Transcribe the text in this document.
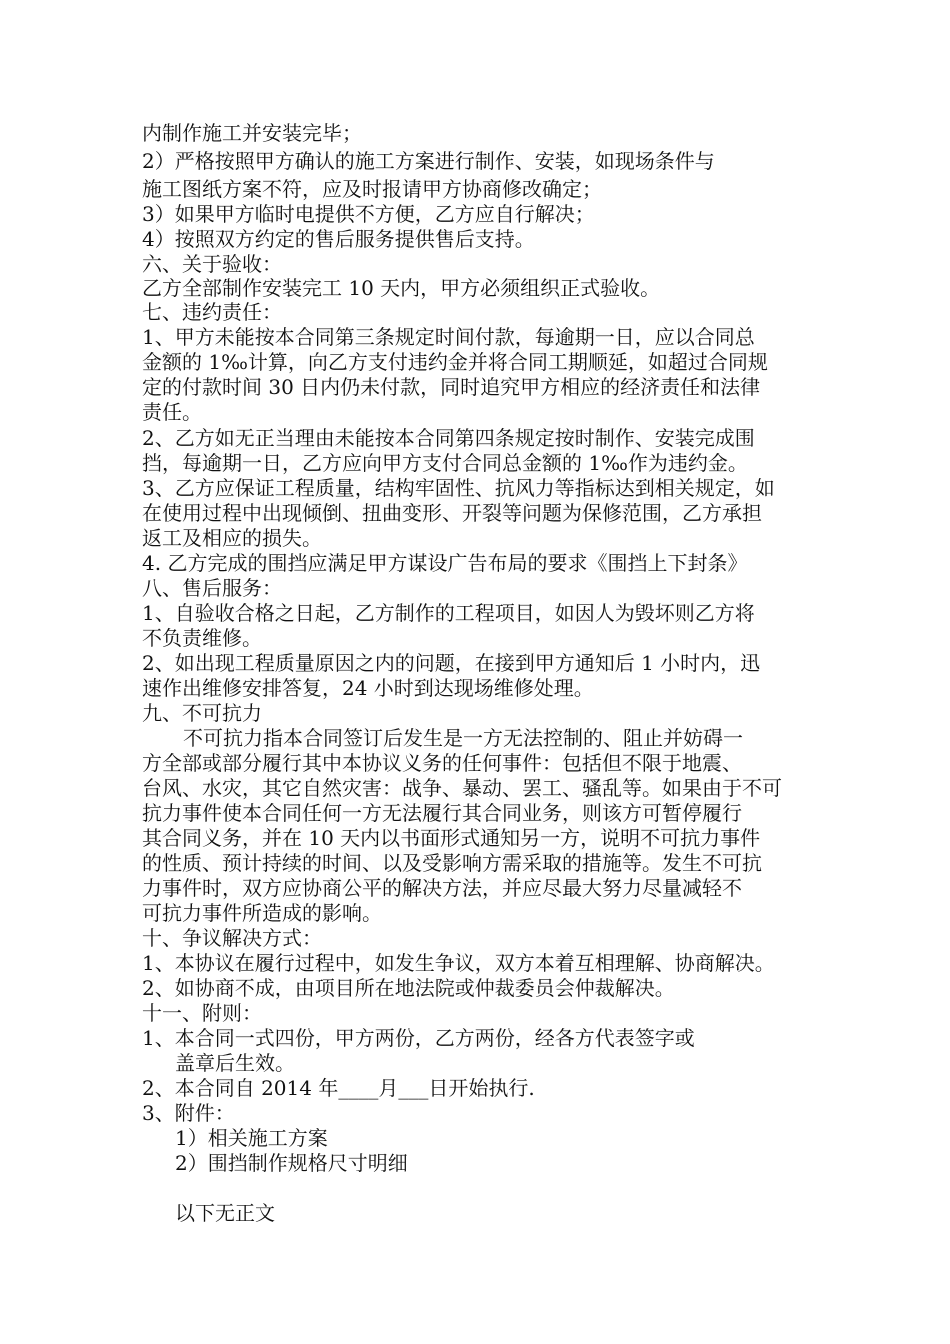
内制作施工并安装完毕；
2）严格按照甲方确认的施工方案进行制作、安装，如现场条件与
施工图纸方案不符，应及时报请甲方协商修改确定；
3）如果甲方临时电提供不方便，乙方应自行解决；
4）按照双方约定的售后服务提供售后支持。
六、关于验收：
乙方全部制作安装完工 10 天内，甲方必须组织正式验收。
七、违约责任：
1、甲方未能按本合同第三条规定时间付款，每逾期一日，应以合同总
金额的 1‰计算，向乙方支付违约金并将合同工期顺延，如超过合同规
定的付款时间 30 日内仍未付款，同时追究甲方相应的经济责任和法律
责任。
2、乙方如无正当理由未能按本合同第四条规定按时制作、安装完成围
挡，每逾期一日，乙方应向甲方支付合同总金额的 1‰作为违约金。
3、乙方应保证工程质量，结构牢固性、抗风力等指标达到相关规定，如
在使用过程中出现倾倒、扭曲变形、开裂等问题为保修范围，乙方承担
返工及相应的损失。
4. 乙方完成的围挡应满足甲方谋设广告布局的要求《围挡上下封条》
八、售后服务：
1、自验收合格之日起，乙方制作的工程项目，如因人为毁坏则乙方将
不负责维修。
2、如出现工程质量原因之内的问题，在接到甲方通知后 1 小时内，迅
速作出维修安排答复，24 小时到达现场维修处理。
九、不可抗力
不可抗力指本合同签订后发生是一方无法控制的、阻止并妨碍一
方全部或部分履行其中本协议义务的任何事件：包括但不限于地震、
台风、水灾，其它自然灾害：战争、暴动、罢工、骚乱等。如果由于不可
抗力事件使本合同任何一方无法履行其合同业务，则该方可暂停履行
其合同义务，并在 10 天内以书面形式通知另一方，说明不可抗力事件
的性质、预计持续的时间、以及受影响方需采取的措施等。发生不可抗
力事件时，双方应协商公平的解决方法，并应尽最大努力尽量减轻不
可抗力事件所造成的影响。
十、争议解决方式：
1、本协议在履行过程中，如发生争议，双方本着互相理解、协商解决。
2、如协商不成，由项目所在地法院或仲裁委员会仲裁解决。
十一、附则：
1、本合同一式四份，甲方两份，乙方两份，经各方代表签字或
盖章后生效。
2、本合同自 2014 年____月___日开始执行.
3、附件：
1）相关施工方案
2）围挡制作规格尺寸明细
以下无正文
